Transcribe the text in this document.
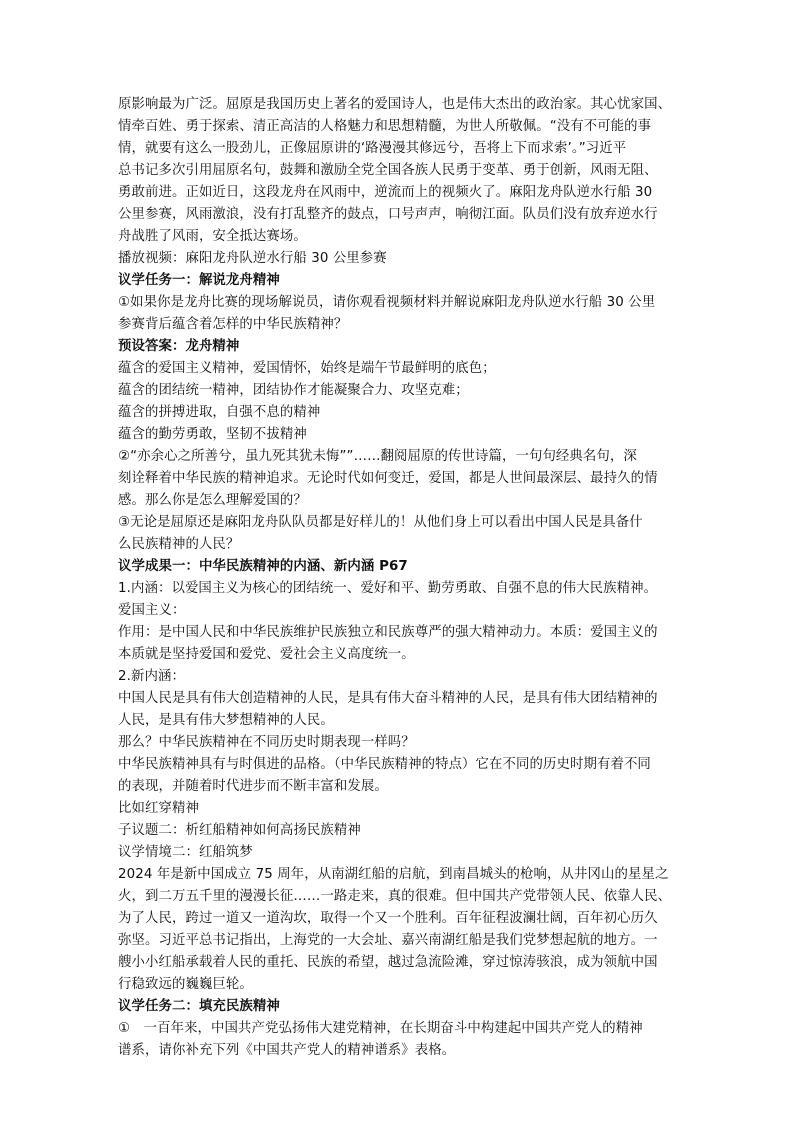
原影响最为广泛。屈原是我国历史上著名的爱国诗人，也是伟大杰出的政治家。其心忧家国、
情牵百姓、勇于探索、清正高洁的人格魅力和思想精髓，为世人所敬佩。“没有不可能的事
情，就要有这么一股劲儿，正像屈原讲的‘路漫漫其修远兮，吾将上下而求索’。”习近平
总书记多次引用屈原名句，鼓舞和激励全党全国各族人民勇于变革、勇于创新，风雨无阻、
勇敢前进。正如近日，这段龙舟在风雨中，逆流而上的视频火了。麻阳龙舟队逆水行船 30
公里参赛，风雨激浪，没有打乱整齐的鼓点，口号声声，响彻江面。队员们没有放弃逆水行
舟战胜了风雨，安全抵达赛场。
播放视频：麻阳龙舟队逆水行船 30 公里参赛
议学任务一：解说龙舟精神
①如果你是龙舟比赛的现场解说员，请你观看视频材料并解说麻阳龙舟队逆水行船 30 公里
参赛背后蕴含着怎样的中华民族精神？
预设答案：龙舟精神
蕴含的爱国主义精神，爱国情怀，始终是端午节最鲜明的底色；
蕴含的团结统一精神，团结协作才能凝聚合力、攻坚克难；
蕴含的拼搏进取，自强不息的精神
蕴含的勤劳勇敢，坚韧不拔精神
②“亦余心之所善兮，虽九死其犹未悔””……翻阅屈原的传世诗篇，一句句经典名句，深
刻诠释着中华民族的精神追求。无论时代如何变迁，爱国，都是人世间最深层、最持久的情
感。那么你是怎么理解爱国的？
③无论是屈原还是麻阳龙舟队队员都是好样儿的！从他们身上可以看出中国人民是具备什
么民族精神的人民？
议学成果一：中华民族精神的内涵、新内涵 P67
1.内涵：以爱国主义为核心的团结统一、爱好和平、勤劳勇敢、自强不息的伟大民族精神。
爱国主义：
作用：是中国人民和中华民族维护民族独立和民族尊严的强大精神动力。本质：爱国主义的
本质就是坚持爱国和爱党、爱社会主义高度统一。
2.新内涵：
中国人民是具有伟大创造精神的人民，是具有伟大奋斗精神的人民，是具有伟大团结精神的
人民，是具有伟大梦想精神的人民。
那么？中华民族精神在不同历史时期表现一样吗？
中华民族精神具有与时俱进的品格。（中华民族精神的特点）它在不同的历史时期有着不同
的表现，并随着时代进步而不断丰富和发展。
比如红穿精神
子议题二：析红船精神如何高扬民族精神
议学情境二：红船筑梦
2024 年是新中国成立 75 周年，从南湖红船的启航，到南昌城头的枪响，从井冈山的星星之
火，到二万五千里的漫漫长征……一路走来，真的很难。但中国共产党带领人民、依靠人民、
为了人民，跨过一道又一道沟坎，取得一个又一个胜利。百年征程波澜壮阔，百年初心历久
弥坚。习近平总书记指出，上海党的一大会址、嘉兴南湖红船是我们党梦想起航的地方。一
艘小小红船承载着人民的重托、民族的希望，越过急流险滩，穿过惊涛骇浪，成为领航中国
行稳致远的巍巍巨轮。
议学任务二：填充民族精神
①　一百年来，中国共产党弘扬伟大建党精神，在长期奋斗中构建起中国共产党人的精神
谱系，请你补充下列《中国共产党人的精神谱系》表格。
